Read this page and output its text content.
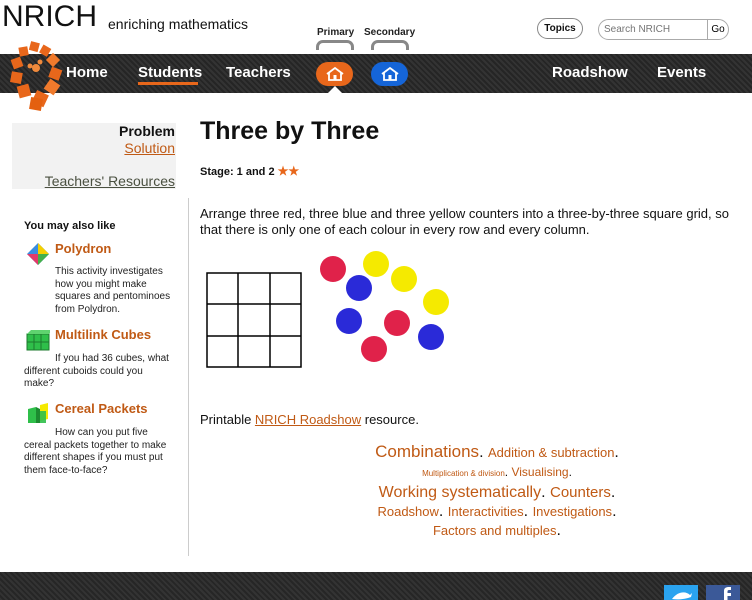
NRICH enriching mathematics
Primary Secondary	Topics
Search NRICH	Go
Home Students Teachers	Roadshow Events
Problem
Solution
Teachers' Resources
You may also like
Polydron
This activity investigates how you might make squares and pentominoes from Polydron.
Multilink Cubes
If you had 36 cubes, what different cuboids could you make?
Cereal Packets
How can you put five cereal packets together to make different shapes if you must put them face-to-face?
Three by Three
Stage: 1 and 2 ★★
Arrange three red, three blue and three yellow counters into a three-by-three square grid, so that there is only one of each colour in every row and every column.
Printable NRICH Roadshow resource.
Combinations. Addition & subtraction.
Multiplication & division. Visualising.
Working systematically. Counters.
Roadshow. Interactivities. Investigations.
Factors and multiples.
